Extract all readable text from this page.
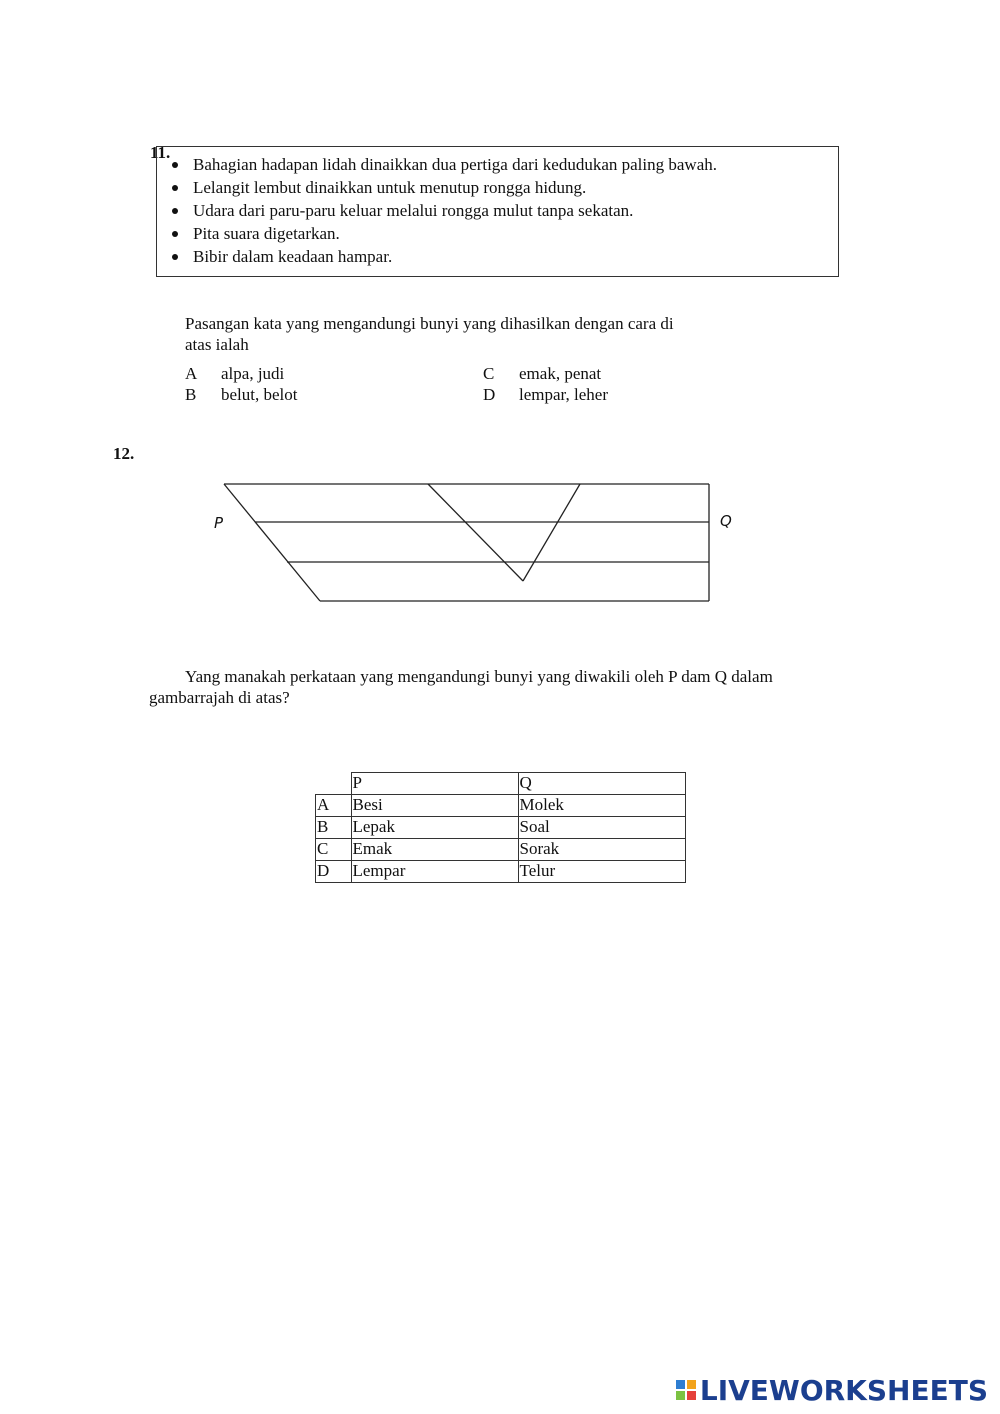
11.
Bahagian hadapan lidah dinaikkan dua pertiga dari kedudukan paling bawah.
Lelangit lembut dinaikkan untuk menutup rongga hidung.
Udara dari paru-paru keluar melalui rongga mulut tanpa sekatan.
Pita suara digetarkan.
Bibir dalam keadaan hampar.
Pasangan kata yang mengandungi bunyi yang dihasilkan dengan cara di
atas ialah
A alpa, judi
B belut, belot
C emak, penat
D lempar, leher
12.
P	Q
Yang manakah perkataan yang mengandungi bunyi yang diwakili oleh P dam Q dalam
gambarrajah di atas?
	P	Q
A	Besi	Molek
B	Lepak	Soal
C	Emak	Sorak
D	Lempar	Telur
LIVEWORKSHEETS
